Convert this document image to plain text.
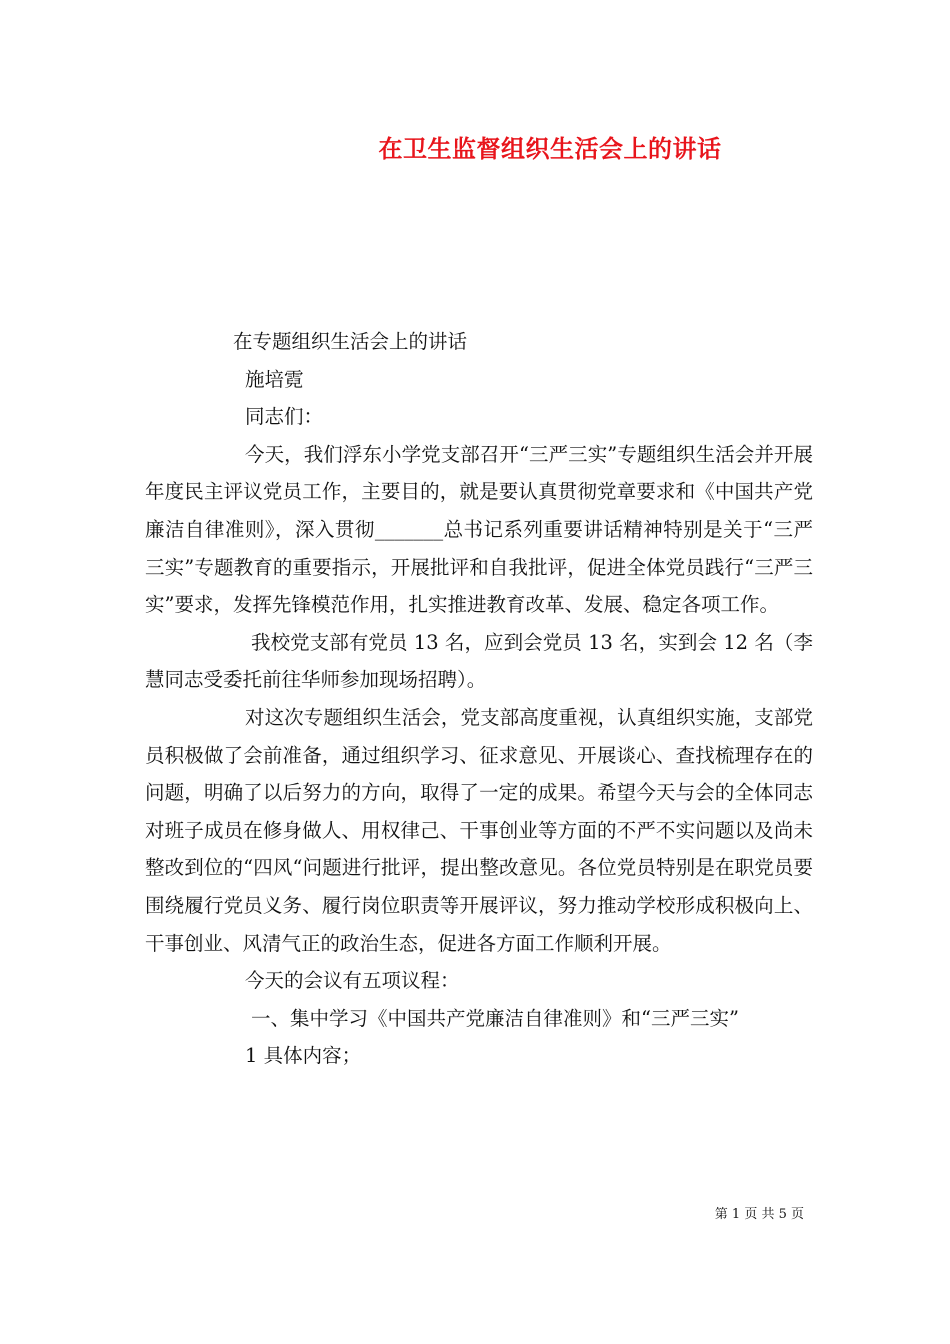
在卫生监督组织生活会上的讲话

在专题组织生活会上的讲话

施培霓

同志们：

今天，我们浮东小学党支部召开“三严三实”专题组织生活会并开展年度民主评议党员工作，主要目的，就是要认真贯彻党章要求和《中国共产党廉洁自律准则》，深入贯彻_______总书记系列重要讲话精神特别是关于“三严三实”专题教育的重要指示，开展批评和自我批评，促进全体党员践行“三严三实”要求，发挥先锋模范作用，扎实推进教育改革、发展、稳定各项工作。

我校党支部有党员 13 名，应到会党员 13 名，实到会 12 名（李慧同志受委托前往华师参加现场招聘）。

对这次专题组织生活会，党支部高度重视，认真组织实施，支部党员积极做了会前准备，通过组织学习、征求意见、开展谈心、查找梳理存在的问题，明确了以后努力的方向，取得了一定的成果。希望今天与会的全体同志对班子成员在修身做人、用权律己、干事创业等方面的不严不实问题以及尚未整改到位的“四风“问题进行批评，提出整改意见。各位党员特别是在职党员要围绕履行党员义务、履行岗位职责等开展评议，努力推动学校形成积极向上、干事创业、风清气正的政治生态，促进各方面工作顺利开展。

今天的会议有五项议程：

一、集中学习《中国共产党廉洁自律准则》和“三严三实”

1 具体内容；

第 1 页 共 5 页
